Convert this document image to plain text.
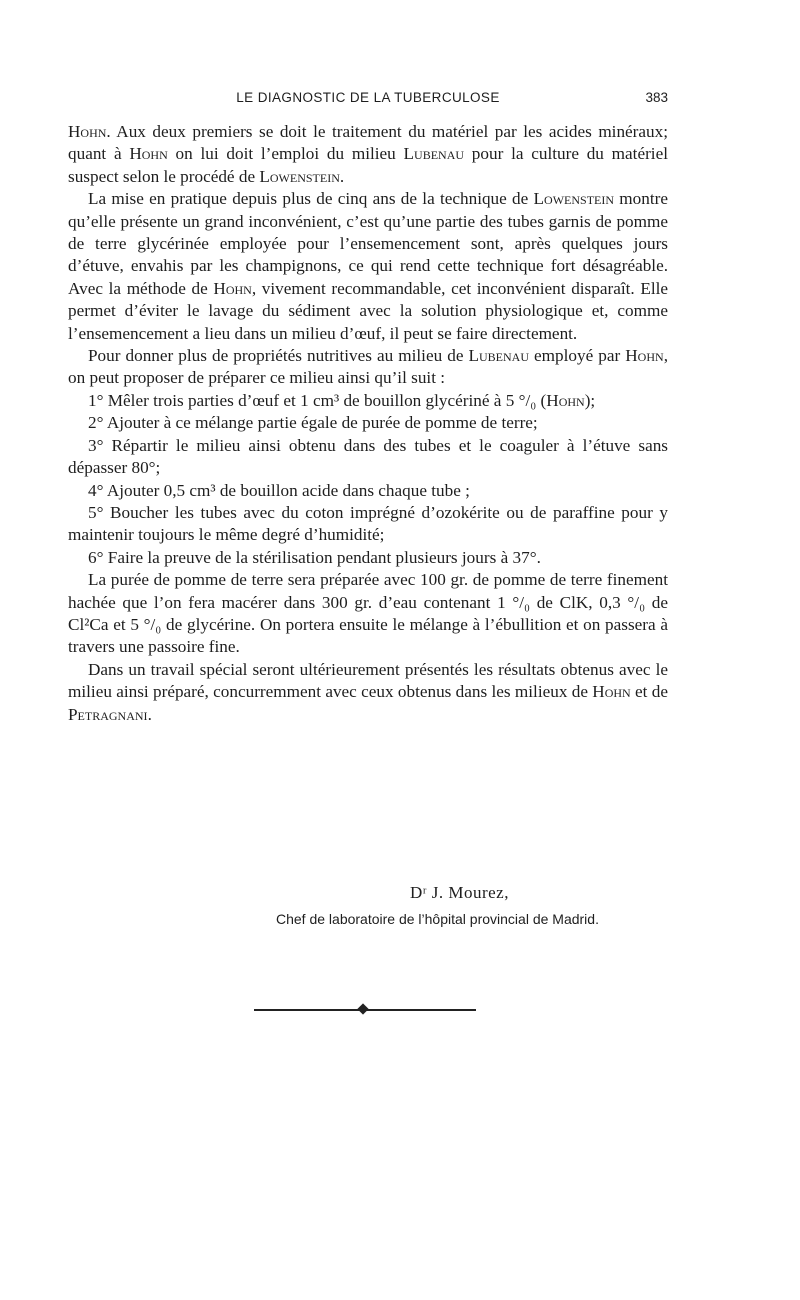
LE DIAGNOSTIC DE LA TUBERCULOSE	383

Hohn. Aux deux premiers se doit le traitement du matériel par les acides minéraux; quant à Hohn on lui doit l’emploi du milieu Lubenau pour la culture du matériel suspect selon le procédé de Lowenstein.

La mise en pratique depuis plus de cinq ans de la technique de Lowenstein montre qu’elle présente un grand inconvénient, c’est qu’une partie des tubes garnis de pomme de terre glycérinée employée pour l’ensemencement sont, après quelques jours d’étuve, envahis par les champignons, ce qui rend cette technique fort désagréable. Avec la méthode de Hohn, vivement recommandable, cet inconvénient disparaît. Elle permet d’éviter le lavage du sédiment avec la solution physiologique et, comme l’ensemencement a lieu dans un milieu d’œuf, il peut se faire directement.

Pour donner plus de propriétés nutritives au milieu de Lubenau employé par Hohn, on peut proposer de préparer ce milieu ainsi qu’il suit :

1° Mêler trois parties d’œuf et 1 cm³ de bouillon glycériné à 5 °/₀ (Hohn);

2° Ajouter à ce mélange partie égale de purée de pomme de terre;

3° Répartir le milieu ainsi obtenu dans des tubes et le coaguler à l’étuve sans dépasser 80°;

4° Ajouter 0,5 cm³ de bouillon acide dans chaque tube ;

5° Boucher les tubes avec du coton imprégné d’ozokérite ou de paraffine pour y maintenir toujours le même degré d’humidité;

6° Faire la preuve de la stérilisation pendant plusieurs jours à 37°.

La purée de pomme de terre sera préparée avec 100 gr. de pomme de terre finement hachée que l’on fera macérer dans 300 gr. d’eau contenant 1 °/₀ de ClK, 0,3 °/₀ de Cl²Ca et 5 °/₀ de glycérine. On portera ensuite le mélange à l’ébullition et on passera à travers une passoire fine.

Dans un travail spécial seront ultérieurement présentés les résultats obtenus avec le milieu ainsi préparé, concurremment avec ceux obtenus dans les milieux de Hohn et de Petragnani.

Dʳ J. Mourez,
Chef de laboratoire de l’hôpital provincial de Madrid.
